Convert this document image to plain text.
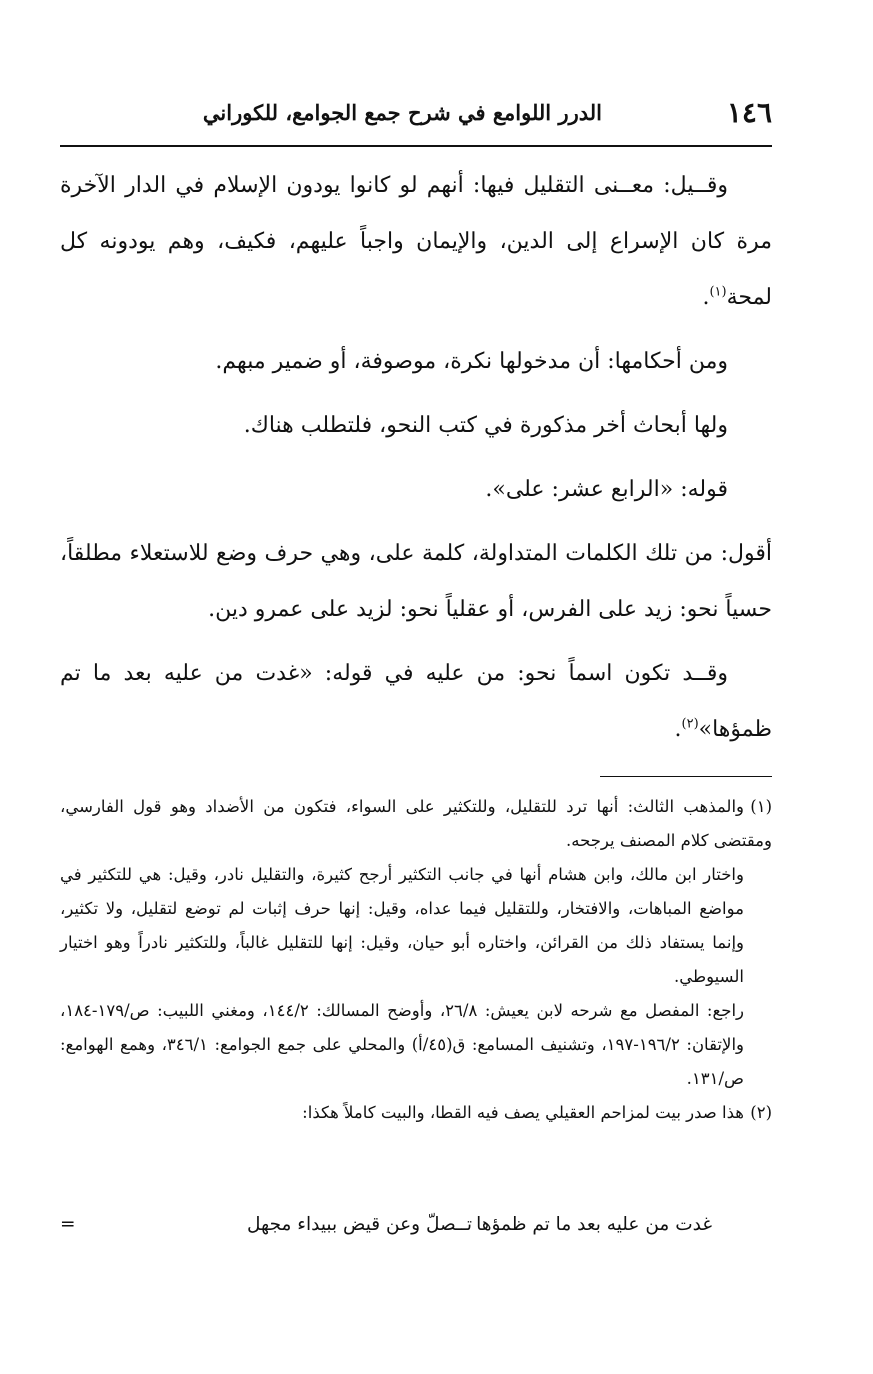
١٤٦
الدرر اللوامع في شرح جمع الجوامع، للكوراني

وقــيل: معــنى التقليل فيها: أنهم لو كانوا يودون الإسلام في الدار الآخرة مرة كان الإسراع إلى الدين، والإيمان واجباً عليهم، فكيف، وهم يودونه كل لمحة$^{(١)}$.

ومن أحكامها: أن مدخولها نكرة، موصوفة، أو ضمير مبهم.

ولها أبحاث أخر مذكورة في كتب النحو، فلتطلب هناك.

قوله: «الرابع عشر: على».

أقول: من تلك الكلمات المتداولة، كلمة على، وهي حرف وضع للاستعلاء مطلقاً، حسياً نحو: زيد على الفرس، أو عقلياً نحو: لزيد على عمرو دين.

وقــد تكون اسماً نحو: من عليه في قوله: «غدت من عليه بعد ما تم ظمؤها»$^{(٢)}$.

(١)والمذهب الثالث: أنها ترد للتقليل، وللتكثير على السواء، فتكون من الأضداد وهو قول الفارسي، ومقتضى كلام المصنف يرجحه.

واختار ابن مالك، وابن هشام أنها في جانب التكثير أرجح كثيرة، والتقليل نادر، وقيل: هي للتكثير في مواضع المباهات، والافتخار، وللتقليل فيما عداه، وقيل: إنها حرف إثبات لم توضع لتقليل، ولا تكثير، وإنما يستفاد ذلك من القرائن، واختاره أبو حيان، وقيل: إنها للتقليل غالباً، وللتكثير نادراً وهو اختيار السيوطي.

راجع: المفصل مع شرحه لابن يعيش: ٢٦/٨، وأوضح المسالك: ١٤٤/٢، ومغني اللبيب: ص/١٧٩-١٨٤، والإتقان: ١٩٦/٢-١٩٧، وتشنيف المسامع: ق(٤٥/أ) والمحلي على جمع الجوامع: ٣٤٦/١، وهمع الهوامع: ص/١٣١.

(٢)هذا صدر بيت لمزاحم العقيلي يصف فيه القطا، والبيت كاملاً هكذا:

غدت من عليه بعد ما تم ظمؤها
تــصلّ وعن قيض ببيداء مجهل
=
